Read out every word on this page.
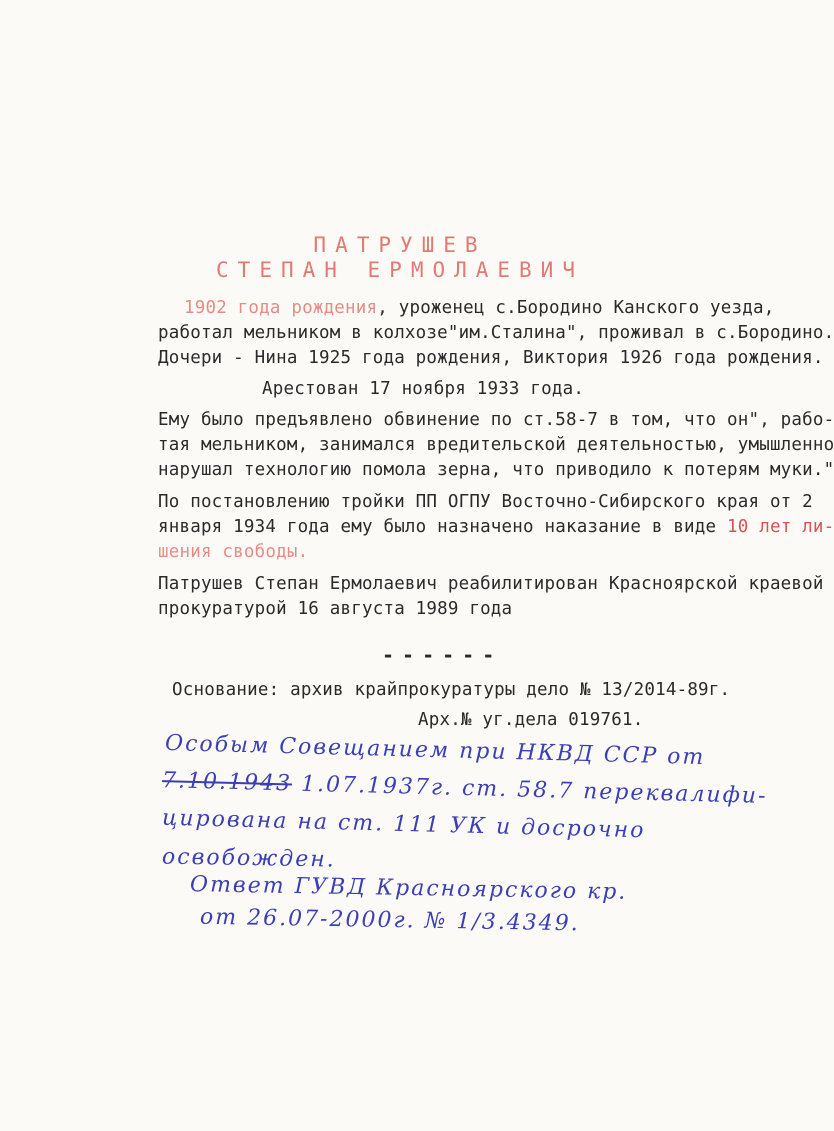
ПАТРУШЕВ
СТЕПАН ЕРМОЛАЕВИЧ
1902 года рождения, уроженец с.Бородино Канского уезда,
работал мельником в колхозе"им.Сталина", проживал в с.Бородино.
Дочери - Нина 1925 года рождения, Виктория 1926 года рождения.
Арестован 17 ноября 1933 года.
Ему было предъявлено обвинение по ст.58-7 в том, что он", рабо-
тая мельником, занимался вредительской деятельностью, умышленно
нарушал технологию помола зерна, что приводило к потерям муки."
По постановлению тройки ПП ОГПУ Восточно-Сибирского края от 2
января 1934 года ему было назначено наказание в виде 10 лет ли-
шения свободы.
Патрушев Степан Ермолаевич реабилитирован Красноярской краевой
прокуратурой 16 августа 1989 года
------
Основание: архив крайпрокуратуры дело № 13/2014-89г.
Арх.№ уг.дела 019761.
Особым Совещанием при НКВД ССР от
7.10.1943 1.07.1937г. ст. 58.7 переквалифи-
цирована на ст. 111 УК и досрочно
освобожден.
Ответ ГУВД Красноярского кр.
от 26.07-2000г. № 1/3.4349.
